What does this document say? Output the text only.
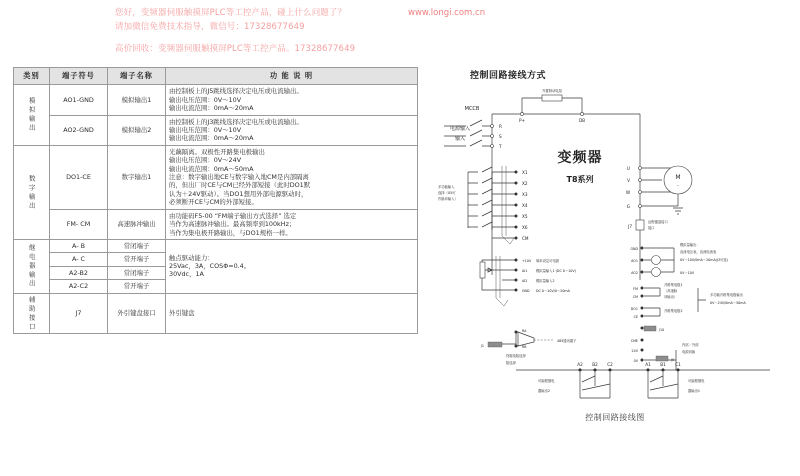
您好，变频器伺服触摸屏PLC等工控产品，碰上什么问题了？
请加微信免费技术指导，微信号：17328677649
高价回收：变频器伺服触摸屏PLC等工控产品。17328677649
www.longi.com.cn
类别	端子符号	端子名称	功 能 说 明
模拟输出	AO1-GND	模拟输出1	由控制板上的J5跳线选择决定电压或电流输出。
输出电压范围：0V～10V
输出电流范围：0mA～20mA

	AO2-GND	模拟输出2	由控制板上的J3跳线选择决定电压或电流输出。
输出电压范围：0V～10V
输出电流范围：0mA～20mA

数字输出	DO1-CE	数字输出1	
光藕隔离。双极性开路集电极输出
输出电压范围：0V～24V
输出电流范围：0mA～50mA
注意：数字输出地CE与数字输入地CM是内部隔离
的，但出厂时CE与CM已经外部短接（此时DO1默
认为＋24V驱动）。当DO1想用外部电源驱动时，
必须断开CE与CM的外部短接。

	FM- CM	高速脉冲输出	由功能码F5-00 “FM端子输出方式选择” 选定
当作为高速脉冲输出。最高频率到100kHz；
当作为集电极开路输出，与DO1规格一样。

继电器输出	A- B	常闭端子	触点驱动能力：
25Vac，3A，COSΦ=0.4。
30Vdc，1A

	A- C	常开端子	
	A2-B2	常闭端子	
	A2-C2	常开端子	
辅助接口	J7	外引键盘接口	外引键盘
控制回路接线方式
外置制动电阻
P+	DB
MCCB
电源输入
输入
R
S
T
变频器
T8系列
U
V
W
G
M
~
J7
远程键盘接口
接口
多功能输入
选择（X5可
作脉冲输入）
X1
X2
X3
X4
X5
X6
CM
+10V 频率设定可电源
AI1	模拟量输入1 (DC 0～10V)
AI2	模拟量输入2
GND DC 0～10V/0～20mA
GND
AO1
AO2
模拟量输出：
直流电压表，直流电流表
0V～10V/0mA～20mA(J3可选)
0V～10V
FM
CM
DO1
CE
开路集电极1
（高速脉
冲输出）
开路集电极2
多功能开路集电极输出
0V～24V/0mA～50mA
J10
CME
24V
0V	J9
内部／外部
电源切换
RA
RB
J1
终端电阻选择
阻选择
485通讯端子
A2 B2 C2	A1 B1 C1
可编程继电
器输出2
可编程继电
器输出1
控制回路接线图
